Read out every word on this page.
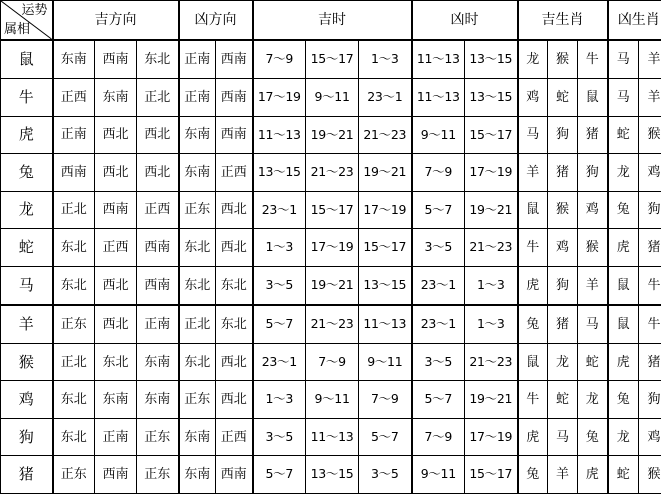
运势
属相	吉方向			凶方向		吉时			凶时		吉生肖			凶生肖	
鼠	东南	西南	东北	正南	西南	7～9	15～17	1～3	11～13	13～15	龙	猴	牛	马	羊
牛	正西	东南	正北	正南	西南	17～19	9～11	23～1	11～13	13～15	鸡	蛇	鼠	马	羊
虎	正南	西北	西北	东南	西南	11～13	19～21	21～23	9～11	15～17	马	狗	猪	蛇	猴
兔	西南	西北	西北	东南	正西	13～15	21～23	19～21	7～9	17～19	羊	猪	狗	龙	鸡
龙	正北	西南	正西	正东	西北	23～1	15～17	17～19	5～7	19～21	鼠	猴	鸡	兔	狗
蛇	东北	正西	西南	东北	西北	1～3	17～19	15～17	3～5	21～23	牛	鸡	猴	虎	猪
马	东北	西北	西南	东北	东北	3～5	19～21	13～15	23～1	1～3	虎	狗	羊	鼠	牛
羊	正东	西北	正南	正北	东北	5～7	21～23	11～13	23～1	1～3	兔	猪	马	鼠	牛
猴	正北	东北	东南	东北	西北	23～1	7～9	9～11	3～5	21～23	鼠	龙	蛇	虎	猪
鸡	东北	东南	东南	正东	西北	1～3	9～11	7～9	5～7	19～21	牛	蛇	龙	兔	狗
狗	东北	正南	正东	东南	正西	3～5	11～13	5～7	7～9	17～19	虎	马	兔	龙	鸡
猪	正东	西南	正东	东南	西南	5～7	13～15	3～5	9～11	15～17	兔	羊	虎	蛇	猴
